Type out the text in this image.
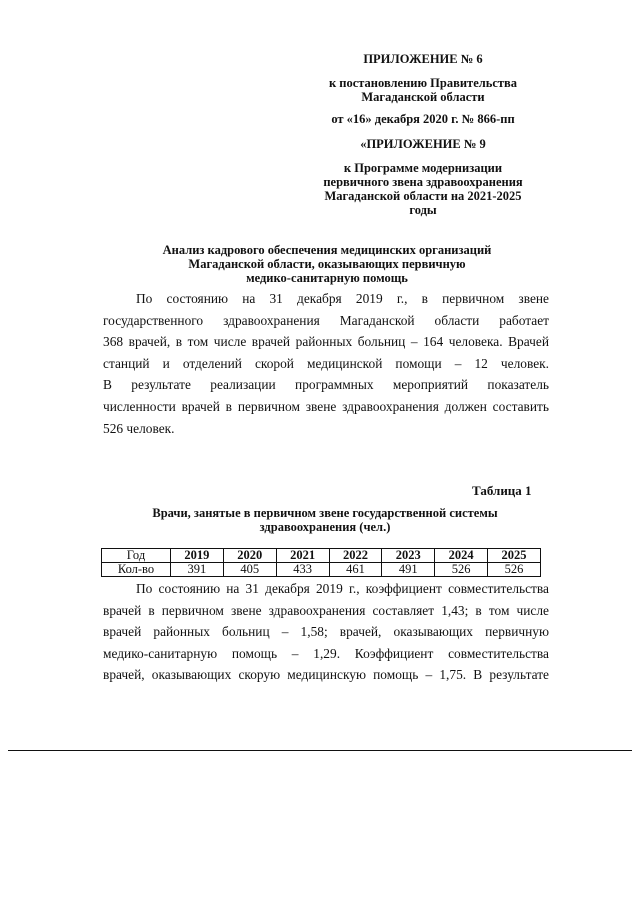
ПРИЛОЖЕНИЕ № 6
к постановлению Правительства
Магаданской области
от «16» декабря 2020 г. № 866-пп
«ПРИЛОЖЕНИЕ № 9
к Программе модернизации
первичного звена здравоохранения
Магаданской области на 2021-2025
годы
Анализ кадрового обеспечения медицинских организаций
Магаданской области, оказывающих первичную
медико-санитарную помощь
По состоянию на 31 декабря 2019 г., в первичном звене
государственного здравоохранения Магаданской области работает
368 врачей, в том числе врачей районных больниц – 164 человека. Врачей
станций и отделений скорой медицинской помощи – 12 человек.
В результате реализации программных мероприятий показатель
численности врачей в первичном звене здравоохранения должен составить
526 человек.
Таблица 1
Врачи, занятые в первичном звене государственной системы
здравоохранения (чел.)
Год	2019	2020	2021	2022	2023	2024	2025
Кол-во	391	405	433	461	491	526	526
По состоянию на 31 декабря 2019 г., коэффициент совместительства
врачей в первичном звене здравоохранения составляет 1,43; в том числе
врачей районных больниц – 1,58; врачей, оказывающих первичную
медико-санитарную помощь – 1,29. Коэффициент совместительства
врачей, оказывающих скорую медицинскую помощь – 1,75. В результате
